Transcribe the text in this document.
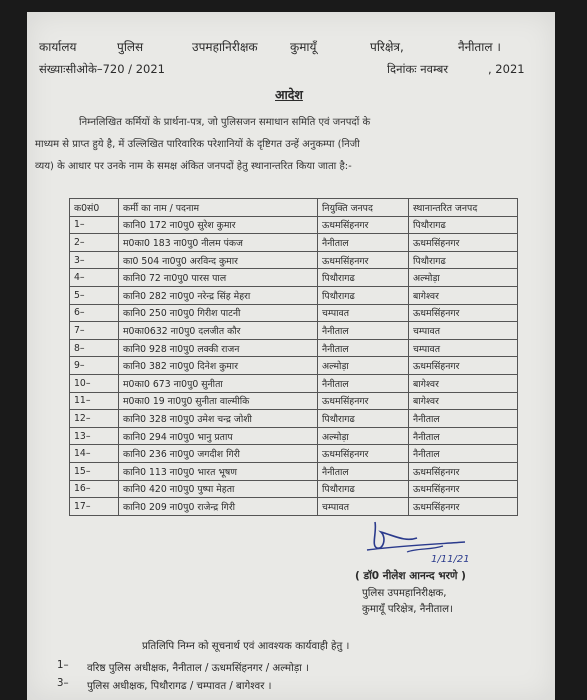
कार्यालय	पुलिस	उपमहानिरीक्षक	कुमायूँ	परिक्षेत्र,	नैनीताल ।
संख्याःसीओके–720 / 2021	दिनांकः नवम्बर	, 2021
आदेश
निम्नलिखित कर्मियों के प्रार्थना-पत्र, जो पुलिसजन समाधान समिति एवं जनपदों के
माध्यम से प्राप्त हुये है, में उल्लिखित पारिवारिक परेशानियों के दृष्टिगत उन्हें अनुकम्पा (निजी
व्यय) के आधार पर उनके नाम के समक्ष अंकित जनपदों हेतु स्थानान्तरित किया जाता है:-
क0सं0	कर्मी का नाम / पदनाम	नियुक्ति जनपद	स्थानान्तरित जनपद
1–	कानि0 172 ना0पु0 सुरेश कुमार	ऊधमसिंहनगर	पिथौरागढ
2–	म0का0 183 ना0पु0 नीलम पंकज	नैनीताल	ऊधमसिंहनगर
3–	का0 504 ना0पु0 अरविन्द कुमार	ऊधमसिंहनगर	पिथौरागढ
4–	कानि0 72 ना0पु0 पारस पाल	पिथौरागढ	अल्मोड़ा
5–	कानि0 282 ना0पु0 नरेन्द्र सिंह मेहरा	पिथौरागढ	बागेश्वर
6–	कानि0 250 ना0पु0 गिरीश पाटनी	चम्पावत	ऊधमसिंहनगर
7–	म0का0632 ना0पु0 दलजीत कौर	नैनीताल	चम्पावत
8–	कानि0 928 ना0पु0 लक्की राजन	नैनीताल	चम्पावत
9–	कानि0 382 ना0पु0 दिनेश कुमार	अल्मोड़ा	ऊधमसिंहनगर
10–	म0का0 673 ना0पु0 सुनीता	नैनीताल	बागेश्वर
11–	म0का0 19 ना0पु0 सुनीता वाल्मीकि	ऊधमसिंहनगर	बागेश्वर
12–	कानि0 328 ना0पु0 उमेश चन्द्र जोशी	पिथौरागढ	नैनीताल
13–	कानि0 294 ना0पु0 भानु प्रताप	अल्मोड़ा	नैनीताल
14–	कानि0 236 ना0पु0 जगदीश गिरी	ऊधमसिंहनगर	नैनीताल
15–	कानि0 113 ना0पु0 भारत भूषण	नैनीताल	ऊधमसिंहनगर
16–	कानि0 420 ना0पु0 पुष्पा मेहता	पिथौरागढ	ऊधमसिंहनगर
17–	कानि0 209 ना0पु0 राजेन्द्र गिरी	चम्पावत	ऊधमसिंहनगर
1/11/21
( डॉ0 नीलेश आनन्द भरणे )
पुलिस उपमहानिरीक्षक,
कुमायूँ परिक्षेत्र, नैनीताल।
प्रतिलिपि निम्न को सूचनार्थ एवं आवश्यक कार्यवाही हेतु ।
1– वरिष्ठ पुलिस अधीक्षक, नैनीताल / ऊधमसिंहनगर / अल्मोड़ा ।
3– पुलिस अधीक्षक, पिथौरागढ / चम्पावत / बागेश्वर ।
